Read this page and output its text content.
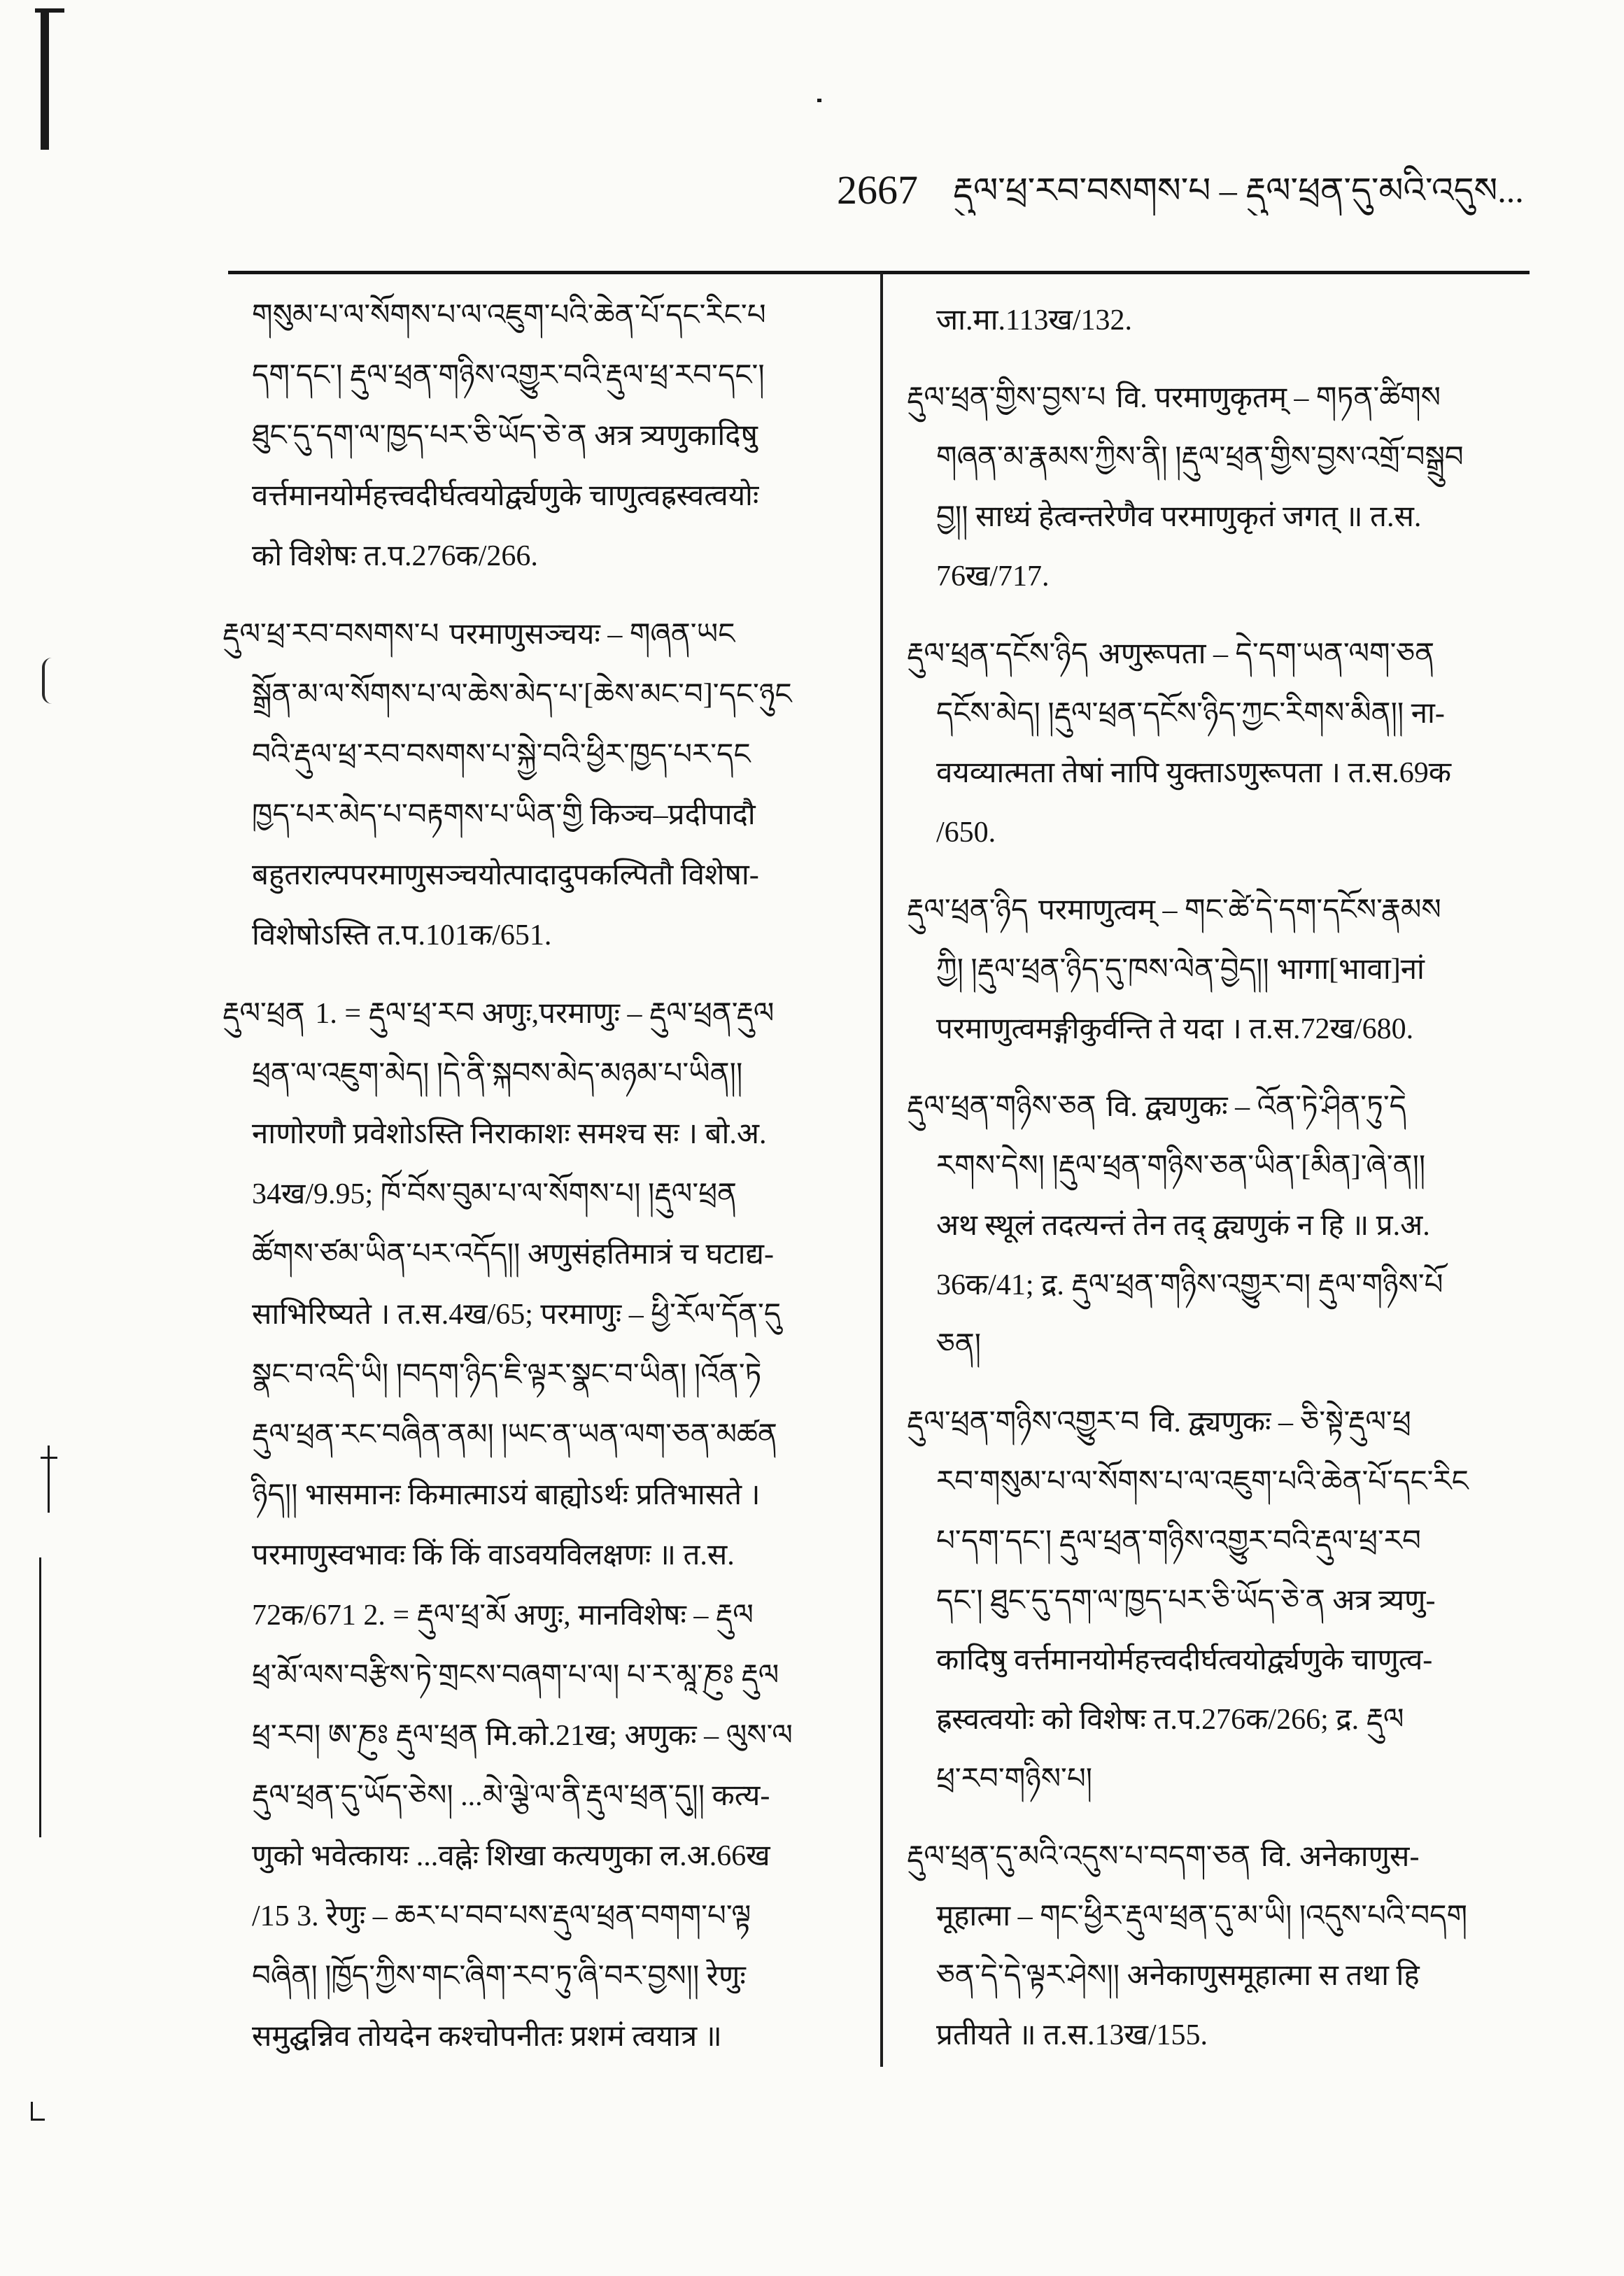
2667 རྡུལ་ཕྲ་རབ་བསགས་པ – རྡུལ་ཕྲན་དུ་མའི་འདུས...
གསུམ་པ་ལ་སོགས་པ་ལ་འཇུག་པའི་ཆེན་པོ་དང་རིང་པ
དག་དང་། རྡུལ་ཕྲན་གཉིས་འགྱུར་བའི་རྡུལ་ཕྲ་རབ་དང་།
ཐུང་དུ་དག་ལ་ཁྱད་པར་ཅི་ཡོད་ཅེ་ན अत्र त्र्यणुकादिषु
वर्त्तमानयोर्महत्त्वदीर्घत्वयोर्द्व्यणुके चाणुत्वह्रस्वत्वयोः
को विशेषः त.प.276क/266.
རྡུལ་ཕྲ་རབ་བསགས་པ परमाणुसञ्चयः – གཞན་ཡང
སྒྲོན་མ་ལ་སོགས་པ་ལ་ཆེས་མེད་པ་[ཆེས་མང་བ]་དང་ཉུང
བའི་རྡུལ་ཕྲ་རབ་བསགས་པ་སྐྱེ་བའི་ཕྱིར་ཁྱད་པར་དང
ཁྱད་པར་མེད་པ་བརྟགས་པ་ཡིན་གྱི किञ्च–प्रदीपादौ
बहुतराल्पपरमाणुसञ्चयोत्पादादुपकल्पितौ विशेषा-
विशेषोऽस्ति त.प.101क/651.
རྡུལ་ཕྲན 1. = རྡུལ་ཕྲ་རབ अणुः,परमाणुः – རྡུལ་ཕྲན་རྡུལ
ཕྲན་ལ་འཇུག་མེད། །དེ་ནི་སྐབས་མེད་མཉམ་པ་ཡིན།།
नाणोरणौ प्रवेशोऽस्ति निराकाशः समश्च सः । बो.अ.
34ख/9.95; ཁོ་བོས་བུམ་པ་ལ་སོགས་པ། །རྡུལ་ཕྲན
ཚོགས་ཙམ་ཡིན་པར་འདོད།། अणुसंहतिमात्रं च घटाद्य-
साभिरिष्यते । त.स.4ख/65; परमाणुः – ཕྱི་རོལ་དོན་དུ
སྣང་བ་འདི་ཡི། །བདག་ཉིད་ཇི་ལྟར་སྣང་བ་ཡིན། །འོན་ཏེ
རྡུལ་ཕྲན་རང་བཞིན་ནམ། །ཡང་ན་ཡན་ལག་ཅན་མཚན
ཉིད།། भासमानः किमात्माऽयं बाह्योऽर्थः प्रतिभासते ।
परमाणुस्वभावः किं किं वाऽवयविलक्षणः ॥ त.स.
72क/671 2. = རྡུལ་ཕྲ་མོ अणुः, मानविशेषः – རྡུལ
ཕྲ་མོ་ལས་བརྩིས་ཏེ་གྲངས་བཞག་པ་ལ། པ་ར་མཱ་ཎུཿ རྡུལ
ཕྲ་རབ། ཨ་ཎུཿ རྡུལ་ཕྲན मि.को.21ख; अणुकः – ལུས་ལ
རྡུལ་ཕྲན་དུ་ཡོད་ཅེས། ...མེ་ལྕེ་ལ་ནི་རྡུལ་ཕྲན་དུ།། कत्य-
णुको भवेत्कायः ...वह्नेः शिखा कत्यणुका ल.अ.66ख
/15 3. रेणुः – ཆར་པ་བབ་པས་རྡུལ་ཕྲན་བགག་པ་ལྟ
བཞིན། །ཁྱོད་ཀྱིས་གང་ཞིག་རབ་ཏུ་ཞི་བར་བྱས།། रेणुः
समुद्घन्निव तोयदेन कश्चोपनीतः प्रशमं त्वयात्र ॥
जा.मा.113ख/132.
རྡུལ་ཕྲན་གྱིས་བྱས་པ वि. परमाणुकृतम् – གཏན་ཚིགས
གཞན་མ་རྣམས་ཀྱིས་ནི། །རྡུལ་ཕྲན་གྱིས་བྱས་འགྲོ་བསྒྲུབ
བྱ།། साध्यं हेत्वन्तरेणैव परमाणुकृतं जगत् ॥ त.स.
76ख/717.
རྡུལ་ཕྲན་དངོས་ཉིད अणुरूपता – དེ་དག་ཡན་ལག་ཅན
དངོས་མེད། །རྡུལ་ཕྲན་དངོས་ཉིད་ཀྱང་རིགས་མིན།། ना-
वयव्यात्मता तेषां नापि युक्ताऽणुरूपता । त.स.69क
/650.
རྡུལ་ཕྲན་ཉིད परमाणुत्वम् – གང་ཚེ་དེ་དག་དངོས་རྣམས
ཀྱི། །རྡུལ་ཕྲན་ཉིད་དུ་ཁས་ལེན་བྱེད།། भागा[भावा]नां
परमाणुत्वमङ्गीकुर्वन्ति ते यदा । त.स.72ख/680.
རྡུལ་ཕྲན་གཉིས་ཅན वि. द्व्यणुकः – འོན་ཏེ་ཤིན་ཏུ་དེ
རགས་དེས། །རྡུལ་ཕྲན་གཉིས་ཅན་ཡིན་[མིན]་ཞེ་ན།།
अथ स्थूलं तदत्यन्तं तेन तद् द्व्यणुकं न हि ॥ प्र.अ.
36क/41; द्र. རྡུལ་ཕྲན་གཉིས་འགྱུར་བ། རྡུལ་གཉིས་པོ
ཅན།
རྡུལ་ཕྲན་གཉིས་འགྱུར་བ वि. द्व्यणुकः – ཅི་སྟེ་རྡུལ་ཕྲ
རབ་གསུམ་པ་ལ་སོགས་པ་ལ་འཇུག་པའི་ཆེན་པོ་དང་རིང
པ་དག་དང་། རྡུལ་ཕྲན་གཉིས་འགྱུར་བའི་རྡུལ་ཕྲ་རབ
དང་། ཐུང་དུ་དག་ལ་ཁྱད་པར་ཅི་ཡོད་ཅེ་ན अत्र त्र्यणु-
कादिषु वर्त्तमानयोर्महत्त्वदीर्घत्वयोर्द्व्यणुके चाणुत्व-
ह्रस्वत्वयोः को विशेषः त.प.276क/266; द्र. རྡུལ
ཕྲ་རབ་གཉིས་པ།
རྡུལ་ཕྲན་དུ་མའི་འདུས་པ་བདག་ཅན वि. अनेकाणुस-
मूहात्मा – གང་ཕྱིར་རྡུལ་ཕྲན་དུ་མ་ཡི། །འདུས་པའི་བདག
ཅན་དེ་དེ་ལྟར་ཤེས།། अनेकाणुसमूहात्मा स तथा हि
प्रतीयते ॥ त.स.13ख/155.
